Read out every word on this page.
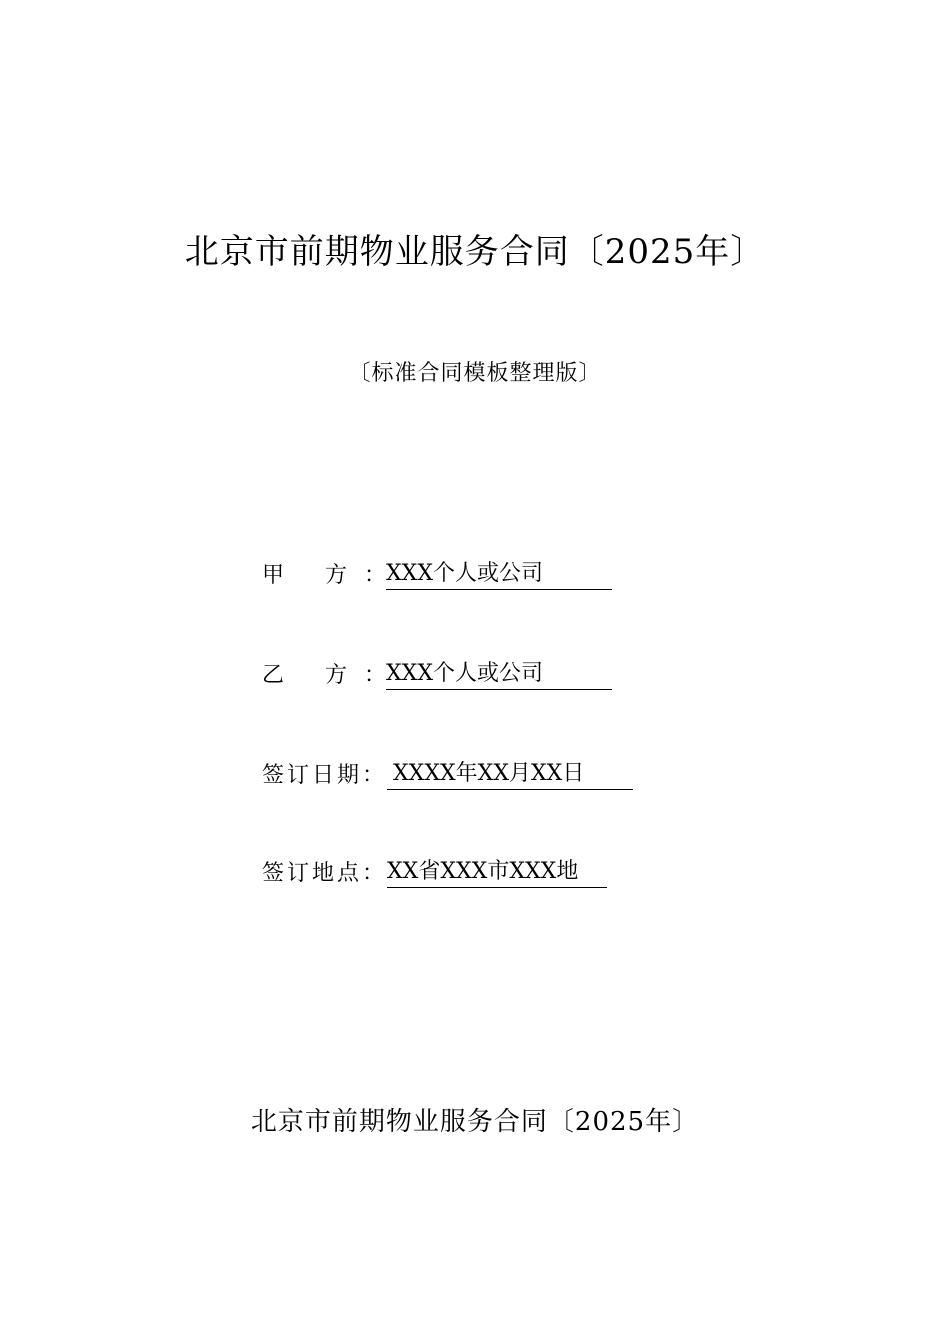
北京市前期物业服务合同〔2025年〕
〔标准合同模板整理版〕
甲 方：XXX个人或公司
乙 方：XXX个人或公司
签订日期： XXXX年XX月XX日
签订地点：XX省XXX市XXX地
北京市前期物业服务合同〔2025年〕
